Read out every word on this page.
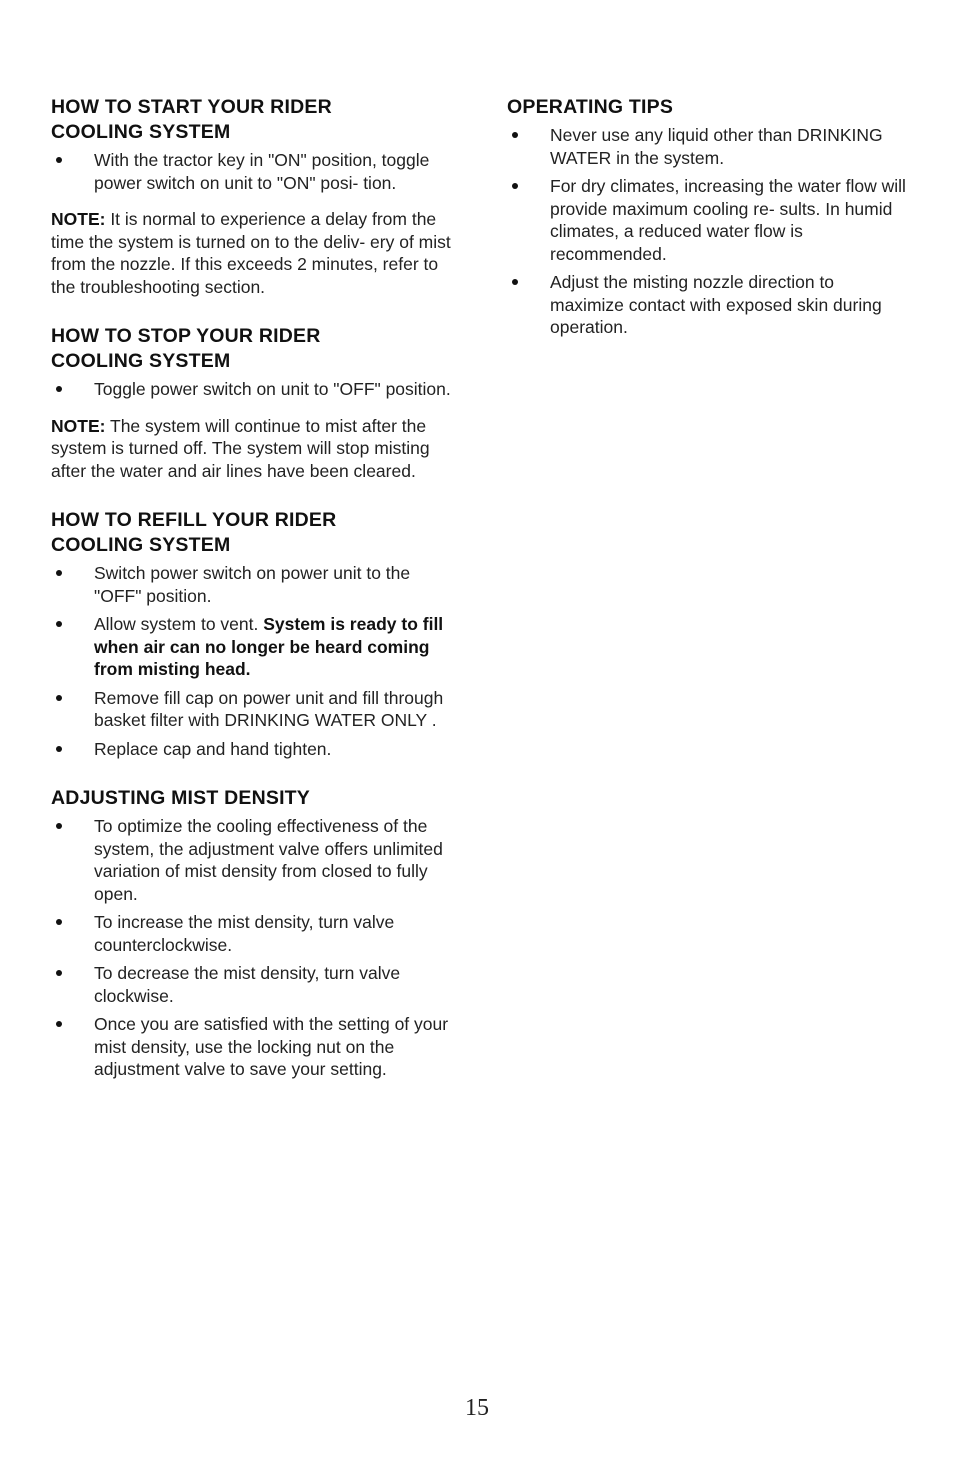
HOW TO START YOUR RIDER
COOLING SYSTEM
With the tractor key in "ON" position, toggle power switch on unit to "ON" posi- tion.

NOTE: It is normal to experience a delay from the time the system is turned on to the deliv- ery of mist from the nozzle. If this exceeds 2 minutes, refer to the troubleshooting section.

HOW TO STOP YOUR RIDER
COOLING SYSTEM
Toggle power switch on unit to "OFF" position.

NOTE: The system will continue to mist after the system is turned off. The system will stop misting after the water and air lines have been cleared.

HOW TO REFILL YOUR RIDER
COOLING SYSTEM
Switch power switch on power unit to the "OFF" position.
Allow system to vent. System is ready to fill when air can no longer be heard coming from misting head.
Remove fill cap on power unit and fill through basket filter with DRINKING WATER ONLY .
Replace cap and hand tighten.
ADJUSTING MIST DENSITY
To optimize the cooling effectiveness of the system, the adjustment valve offers unlimited variation of mist density from closed to fully open.
To increase the mist density, turn valve counterclockwise.
To decrease the mist density, turn valve clockwise.
Once you are satisfied with the setting of your mist density, use the locking nut on the adjustment valve to save your setting.
OPERATING TIPS
Never use any liquid other than DRINKING WATER in the system.
For dry climates, increasing the water flow will provide maximum cooling re- sults. In humid climates, a reduced water flow is recommended.
Adjust the misting nozzle direction to maximize contact with exposed skin during operation.
15
